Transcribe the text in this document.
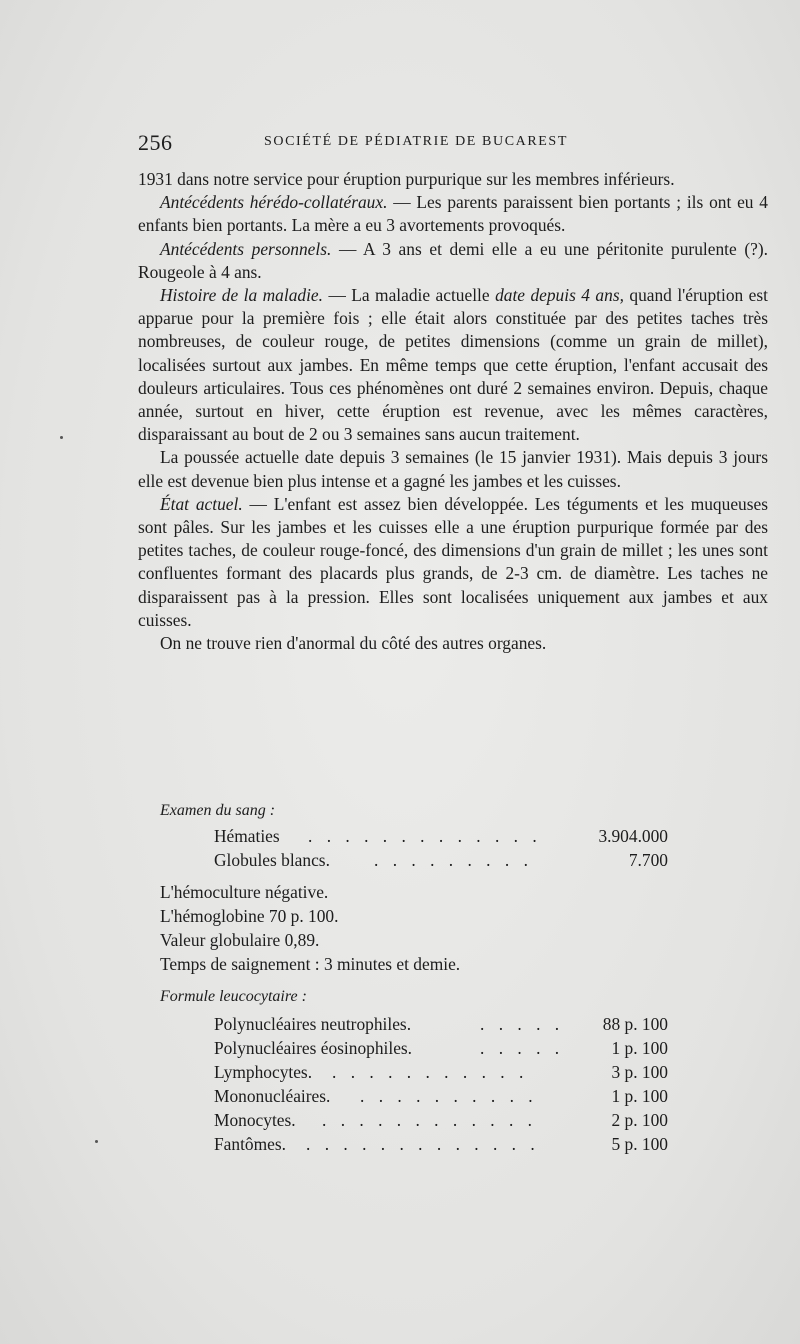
256	SOCIÉTÉ DE PÉDIATRIE DE BUCAREST

1931 dans notre service pour éruption purpurique sur les membres inférieurs.

Antécédents hérédo-collatéraux. — Les parents paraissent bien portants ; ils ont eu 4 enfants bien portants. La mère a eu 3 avortements provoqués.

Antécédents personnels. — A 3 ans et demi elle a eu une péritonite purulente (?). Rougeole à 4 ans.

Histoire de la maladie. — La maladie actuelle date depuis 4 ans, quand l'éruption est apparue pour la première fois ; elle était alors constituée par des petites taches très nombreuses, de couleur rouge, de petites dimensions (comme un grain de millet), localisées surtout aux jambes. En même temps que cette éruption, l'enfant accusait des douleurs articulaires. Tous ces phénomènes ont duré 2 semaines environ. Depuis, chaque année, surtout en hiver, cette éruption est revenue, avec les mêmes caractères, disparaissant au bout de 2 ou 3 semaines sans aucun traitement.

La poussée actuelle date depuis 3 semaines (le 15 janvier 1931). Mais depuis 3 jours elle est devenue bien plus intense et a gagné les jambes et les cuisses.

État actuel. — L'enfant est assez bien développée. Les téguments et les muqueuses sont pâles. Sur les jambes et les cuisses elle a une éruption purpurique formée par des petites taches, de couleur rouge-foncé, des dimensions d'un grain de millet ; les unes sont confluentes formant des placards plus grands, de 2-3 cm. de diamètre. Les taches ne disparaissent pas à la pression. Elles sont localisées uniquement aux jambes et aux cuisses.

On ne trouve rien d'anormal du côté des autres organes.

Examen du sang :
Hématies . . . . . . . . . . . . .	3.904.000
Globules blancs.	. . . . . . . . .	7.700
L'hémoculture négative.
L'hémoglobine 70 p. 100.
Valeur globulaire 0,89.
Temps de saignement : 3 minutes et demie.
Formule leucocytaire :
Polynucléaires neutrophiles.	. . . . . 88 p. 100
Polynucléaires éosinophiles.	. . . . .	1 p. 100
Lymphocytes. . . . . . . . . . . .	3 p. 100
Mononucléaires. . . . . . . . . . .	1 p. 100
Monocytes. . . . . . . . . . . . .	2 p. 100
Fantômes. . . . . . . . . . . . . .	5 p. 100
